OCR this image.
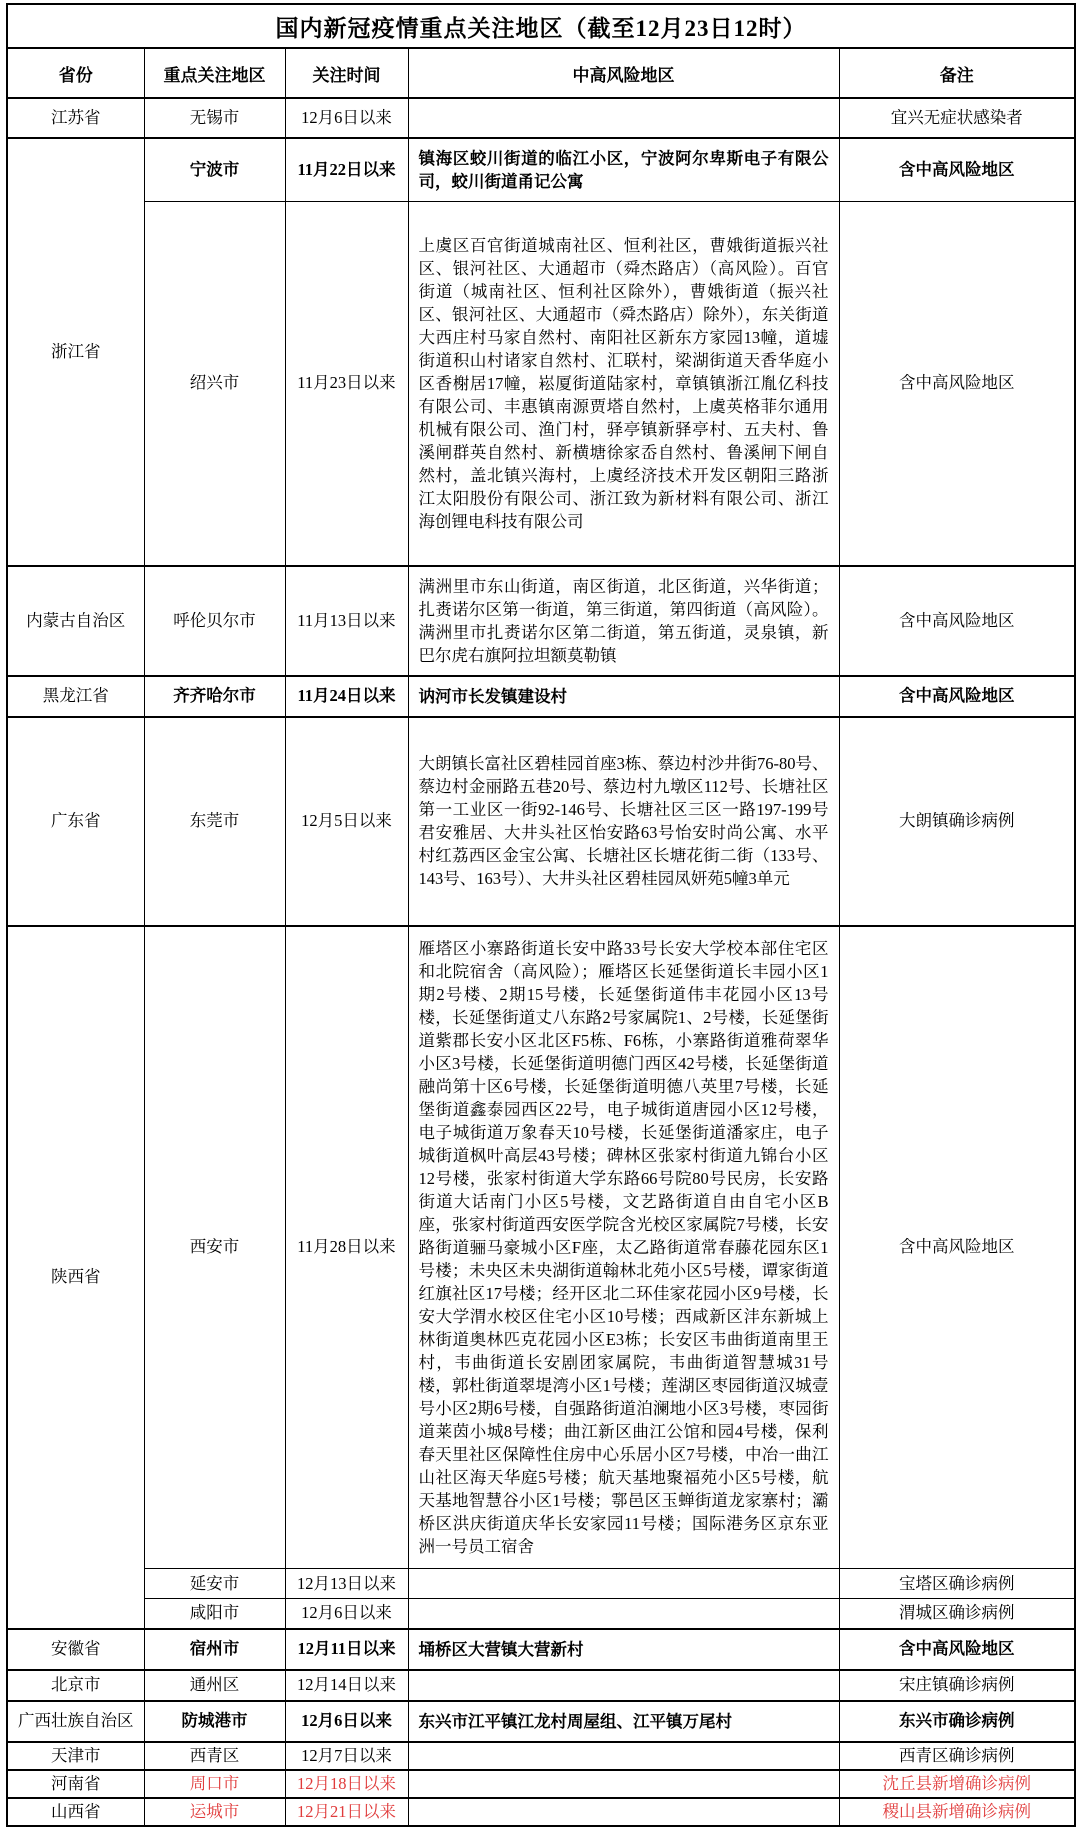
国内新冠疫情重点关注地区（截至12月23日12时）				
省份	重点关注地区	关注时间	中高风险地区	备注
江苏省	无锡市	12月6日以来		宜兴无症状感染者
浙江省	宁波市	11月22日以来	镇海区蛟川街道的临江小区，宁波阿尔卑斯电子有限公司，蛟川街道甬记公寓	含中高风险地区
	绍兴市	11月23日以来	上虞区百官街道城南社区、恒利社区，曹娥街道振兴社区、银河社区、大通超市（舜杰路店）（高风险）。百官街道（城南社区、恒利社区除外），曹娥街道（振兴社区、银河社区、大通超市（舜杰路店）除外），东关街道大西庄村马家自然村、南阳社区新东方家园13幢，道墟街道积山村诸家自然村、汇联村，梁湖街道天香华庭小区香榭居17幢，崧厦街道陆家村，章镇镇浙江胤亿科技有限公司、丰惠镇南源贾塔自然村，上虞英格菲尔通用机械有限公司、渔门村，驿亭镇新驿亭村、五夫村、鲁溪闸群英自然村、新横塘徐家岙自然村、鲁溪闸下闸自然村，盖北镇兴海村，上虞经济技术开发区朝阳三路浙江太阳股份有限公司、浙江致为新材料有限公司、浙江海创锂电科技有限公司	含中高风险地区
内蒙古自治区	呼伦贝尔市	11月13日以来	满洲里市东山街道，南区街道，北区街道，兴华街道；扎赉诺尔区第一街道，第三街道，第四街道（高风险）。满洲里市扎赉诺尔区第二街道，第五街道，灵泉镇，新巴尔虎右旗阿拉坦额莫勒镇	含中高风险地区
黑龙江省	齐齐哈尔市	11月24日以来	讷河市长发镇建设村	含中高风险地区
广东省	东莞市	12月5日以来	大朗镇长富社区碧桂园首座3栋、蔡边村沙井街76-80号、蔡边村金丽路五巷20号、蔡边村九墩区112号、长塘社区第一工业区一街92-146号、长塘社区三区一路197-199号君安雅居、大井头社区怡安路63号怡安时尚公寓、水平村红荔西区金宝公寓、长塘社区长塘花街二街（133号、143号、163号）、大井头社区碧桂园凤妍苑5幢3单元	大朗镇确诊病例
陕西省	西安市	11月28日以来	雁塔区小寨路街道长安中路33号长安大学校本部住宅区和北院宿舍（高风险）；雁塔区长延堡街道长丰园小区1期2号楼、2期15号楼，长延堡街道伟丰花园小区13号楼，长延堡街道丈八东路2号家属院1、2号楼，长延堡街道紫郡长安小区北区F5栋、F6栋，小寨路街道雅荷翠华小区3号楼，长延堡街道明德门西区42号楼，长延堡街道融尚第十区6号楼，长延堡街道明德八英里7号楼，长延堡街道鑫泰园西区22号，电子城街道唐园小区12号楼，电子城街道万象春天10号楼，长延堡街道潘家庄，电子城街道枫叶高层43号楼；碑林区张家村街道九锦台小区12号楼，张家村街道大学东路66号院80号民房，长安路街道大话南门小区5号楼，文艺路街道自由自宅小区B座，张家村街道西安医学院含光校区家属院7号楼，长安路街道骊马豪城小区F座，太乙路街道常春藤花园东区1号楼；未央区未央湖街道翰林北苑小区5号楼，谭家街道红旗社区17号楼；经开区北二环佳家花园小区9号楼，长安大学渭水校区住宅小区10号楼；西咸新区沣东新城上林街道奥林匹克花园小区E3栋；长安区韦曲街道南里王村，韦曲街道长安剧团家属院，韦曲街道智慧城31号楼，郭杜街道翠堤湾小区1号楼；莲湖区枣园街道汉城壹号小区2期6号楼，自强路街道泊澜地小区3号楼，枣园街道莱茵小城8号楼；曲江新区曲江公馆和园4号楼，保利春天里社区保障性住房中心乐居小区7号楼，中冶一曲江山社区海天华庭5号楼；航天基地聚福苑小区5号楼，航天基地智慧谷小区1号楼；鄠邑区玉蝉街道龙家寨村；灞桥区洪庆街道庆华长安家园11号楼；国际港务区京东亚洲一号员工宿舍	含中高风险地区
	延安市	12月13日以来		宝塔区确诊病例
	咸阳市	12月6日以来		渭城区确诊病例
安徽省	宿州市	12月11日以来	埇桥区大营镇大营新村	含中高风险地区
北京市	通州区	12月14日以来		宋庄镇确诊病例
广西壮族自治区	防城港市	12月6日以来	东兴市江平镇江龙村周屋组、江平镇万尾村	东兴市确诊病例
天津市	西青区	12月7日以来		西青区确诊病例
河南省	周口市	12月18日以来		沈丘县新增确诊病例
山西省	运城市	12月21日以来		稷山县新增确诊病例
